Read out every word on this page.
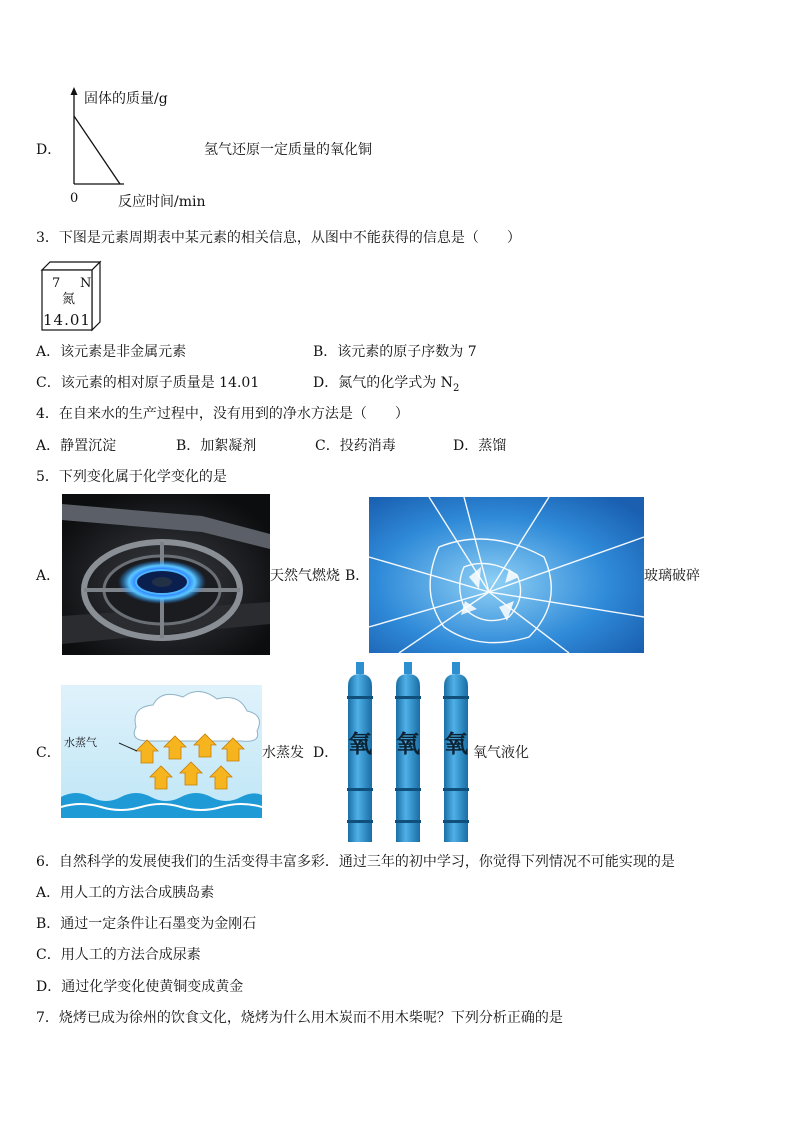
D．
固体的质量/g
0	反应时间/min
氢气还原一定质量的氧化铜
3．下图是元素周期表中某元素的相关信息，从图中不能获得的信息是（　　）
7 N
氮
14.01
A．该元素是非金属元素	B．该元素的原子序数为 7
C．该元素的相对原子质量是 14.01	D．氮气的化学式为 $N_2$
4．在自来水的生产过程中，没有用到的净水方法是（　　）
A．静置沉淀	B．加絮凝剂	C．投药消毒	D．蒸馏
5．下列变化属于化学变化的是
A．	天然气燃烧 B．	玻璃破碎
C．
水蒸气
水蒸发 D． 氧 氧 氧 氧气液化
6．自然科学的发展使我们的生活变得丰富多彩．通过三年的初中学习，你觉得下列情况不可能实现的是
A．用人工的方法合成胰岛素
B．通过一定条件让石墨变为金刚石
C．用人工的方法合成尿素
D．通过化学变化使黄铜变成黄金
7．烧烤已成为徐州的饮食文化，烧烤为什么用木炭而不用木柴呢？下列分析正确的是
